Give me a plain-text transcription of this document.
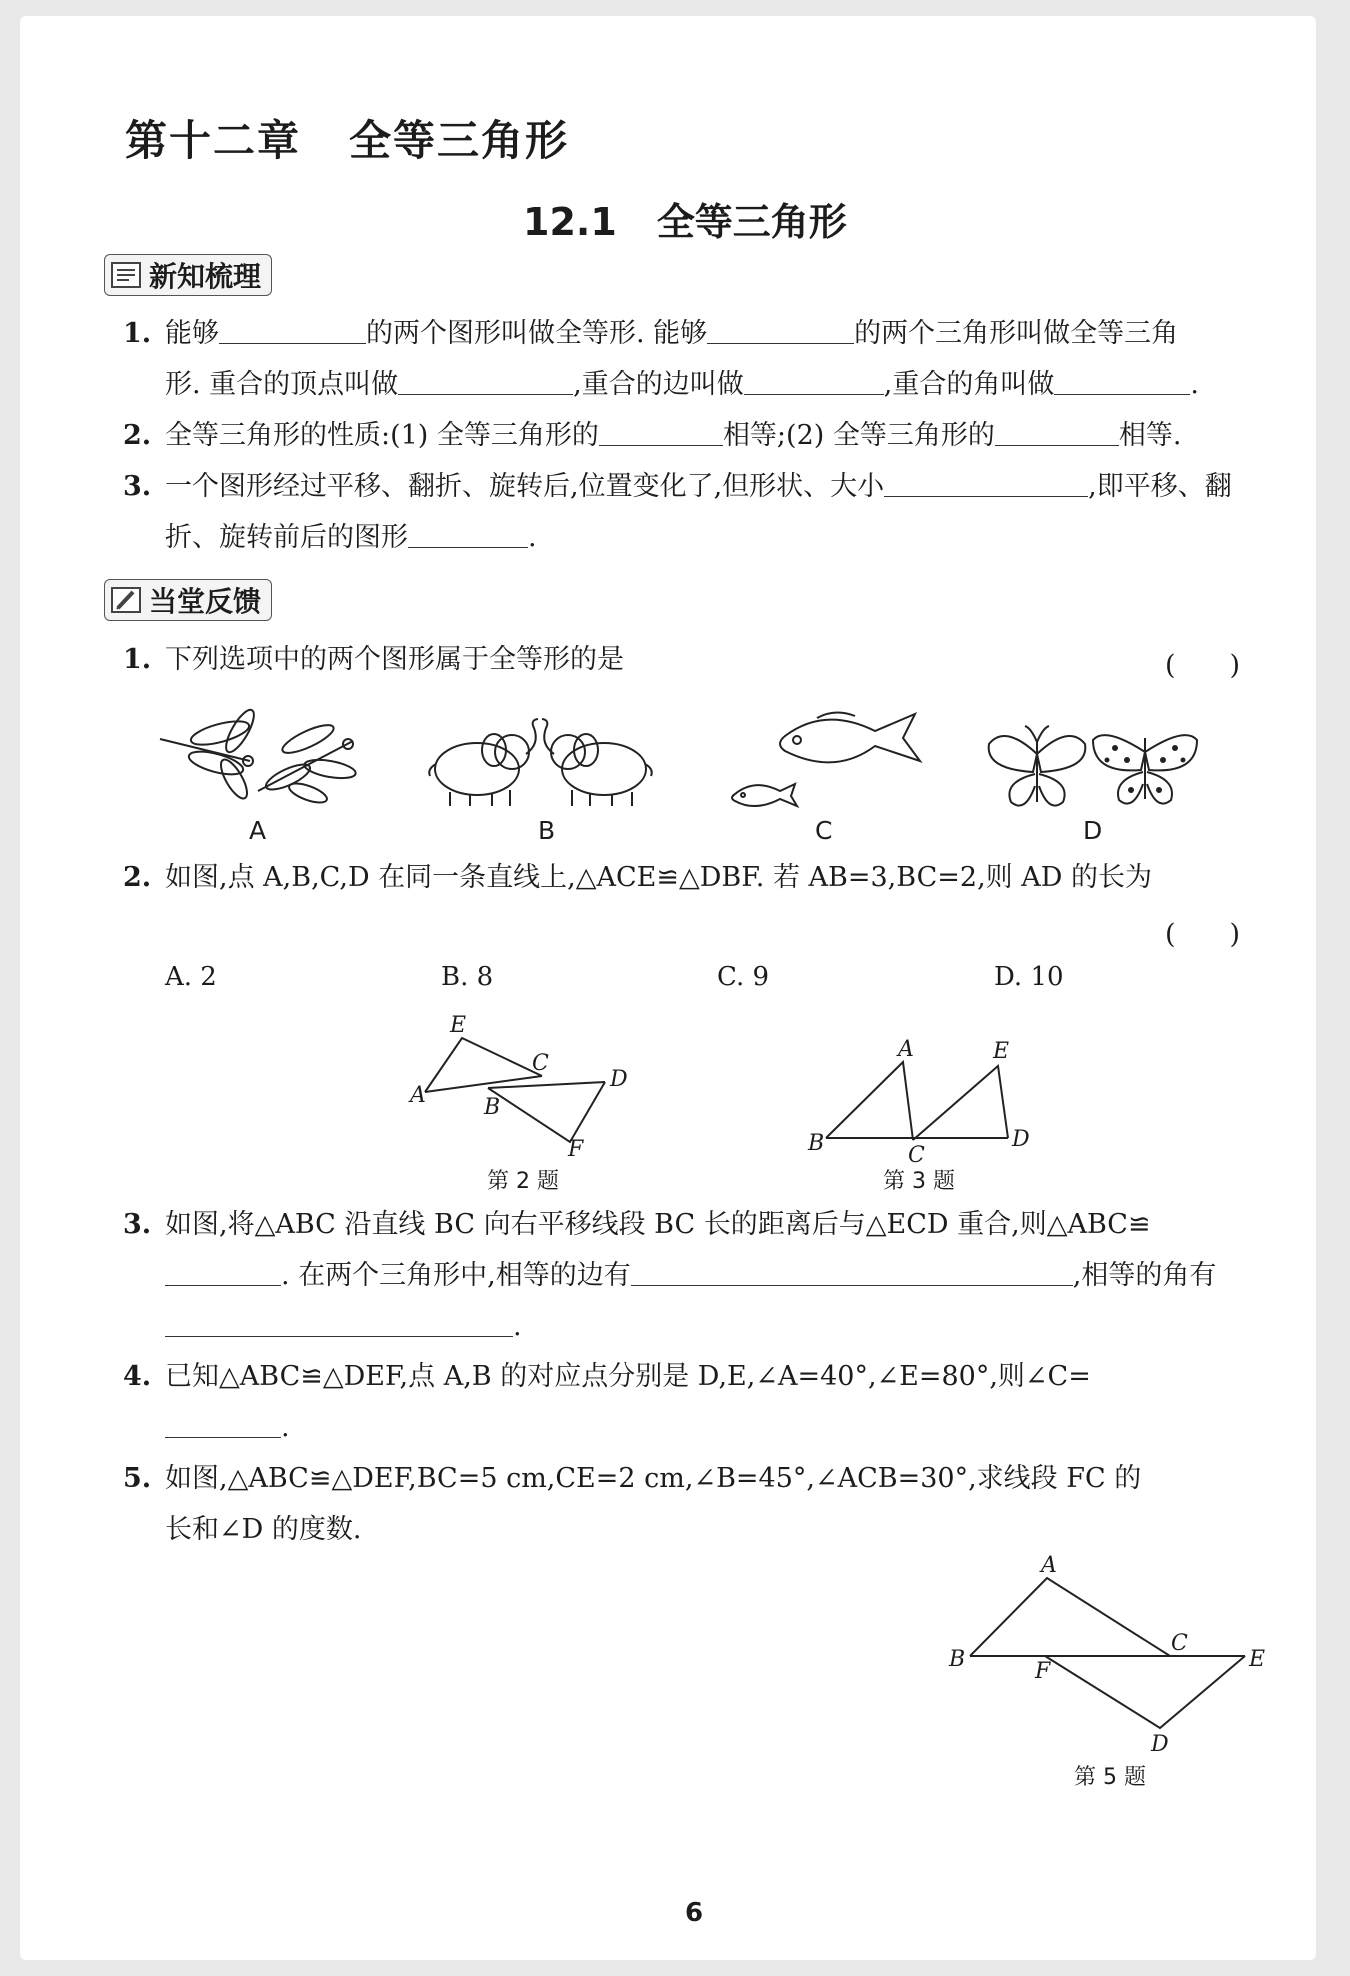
第十二章 全等三角形
12.1 全等三角形
新知梳理
1. 能够	的两个图形叫做全等形. 能够	的两个三角形叫做全等三角
形. 重合的顶点叫做	,重合的边叫做	,重合的角叫做	.
2. 全等三角形的性质:(1) 全等三角形的	相等;(2) 全等三角形的	相等.
3. 一个图形经过平移、翻折、旋转后,位置变化了,但形状、大小	,即平移、翻
折、旋转前后的图形	.
当堂反馈
1. 下列选项中的两个图形属于全等形的是	(　　)
A	B	C	D
2. 如图,点 A,B,C,D 在同一条直线上,△ACE≌△DBF. 若 AB=3,BC=2,则 AD 的长为
(　　)
A. 2	B. 8	C. 9	D. 10
A	B
C
D
E
F
第 2 题
A
B	C
D
E
第 3 题
3. 如图,将△ABC 沿直线 BC 向右平移线段 BC 长的距离后与△ECD 重合,则△ABC≌
. 在两个三角形中,相等的边有	,相等的角有
.
4. 已知△ABC≌△DEF,点 A,B 的对应点分别是 D,E,∠A=40°,∠E=80°,则∠C=
.
5. 如图,△ABC≌△DEF,BC=5 cm,CE=2 cm,∠B=45°,∠ACB=30°,求线段 FC 的
长和∠D 的度数.
A
B
C
D
E
F
第 5 题
6
